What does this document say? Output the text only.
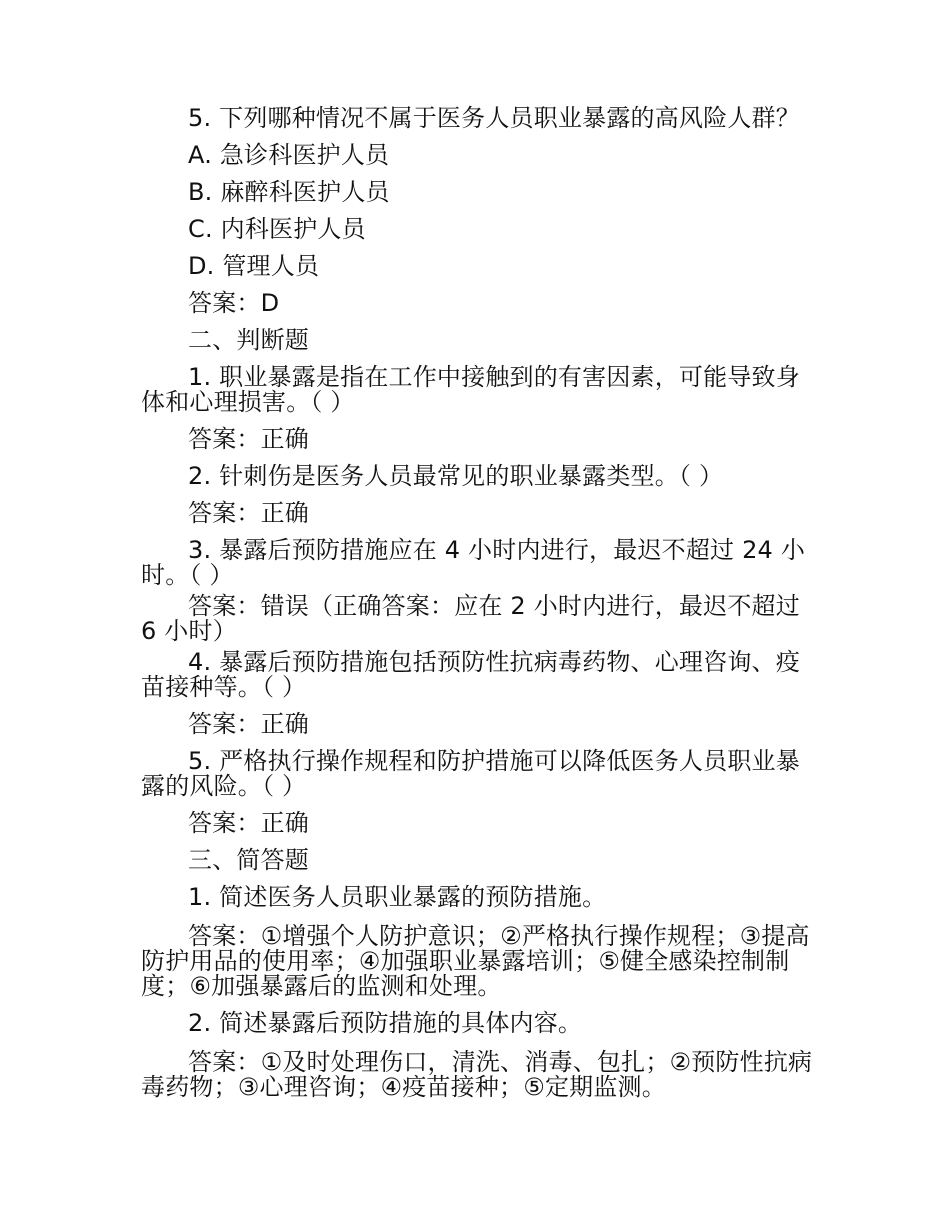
5. 下列哪种情况不属于医务人员职业暴露的高风险人群？

A. 急诊科医护人员

B. 麻醉科医护人员

C. 内科医护人员

D. 管理人员

答案：D

二、判断题

1. 职业暴露是指在工作中接触到的有害因素，可能导致身体和心理损害。（ ）

答案：正确

2. 针刺伤是医务人员最常见的职业暴露类型。（ ）

答案：正确

3. 暴露后预防措施应在 4 小时内进行，最迟不超过 24 小时。（ ）

答案：错误（正确答案：应在 2 小时内进行，最迟不超过 6 小时）

4. 暴露后预防措施包括预防性抗病毒药物、心理咨询、疫苗接种等。（ ）

答案：正确

5. 严格执行操作规程和防护措施可以降低医务人员职业暴露的风险。（ ）

答案：正确

三、简答题

1. 简述医务人员职业暴露的预防措施。

答案：①增强个人防护意识；②严格执行操作规程；③提高防护用品的使用率；④加强职业暴露培训；⑤健全感染控制制度；⑥加强暴露后的监测和处理。

2. 简述暴露后预防措施的具体内容。

答案：①及时处理伤口，清洗、消毒、包扎；②预防性抗病毒药物；③心理咨询；④疫苗接种；⑤定期监测。
